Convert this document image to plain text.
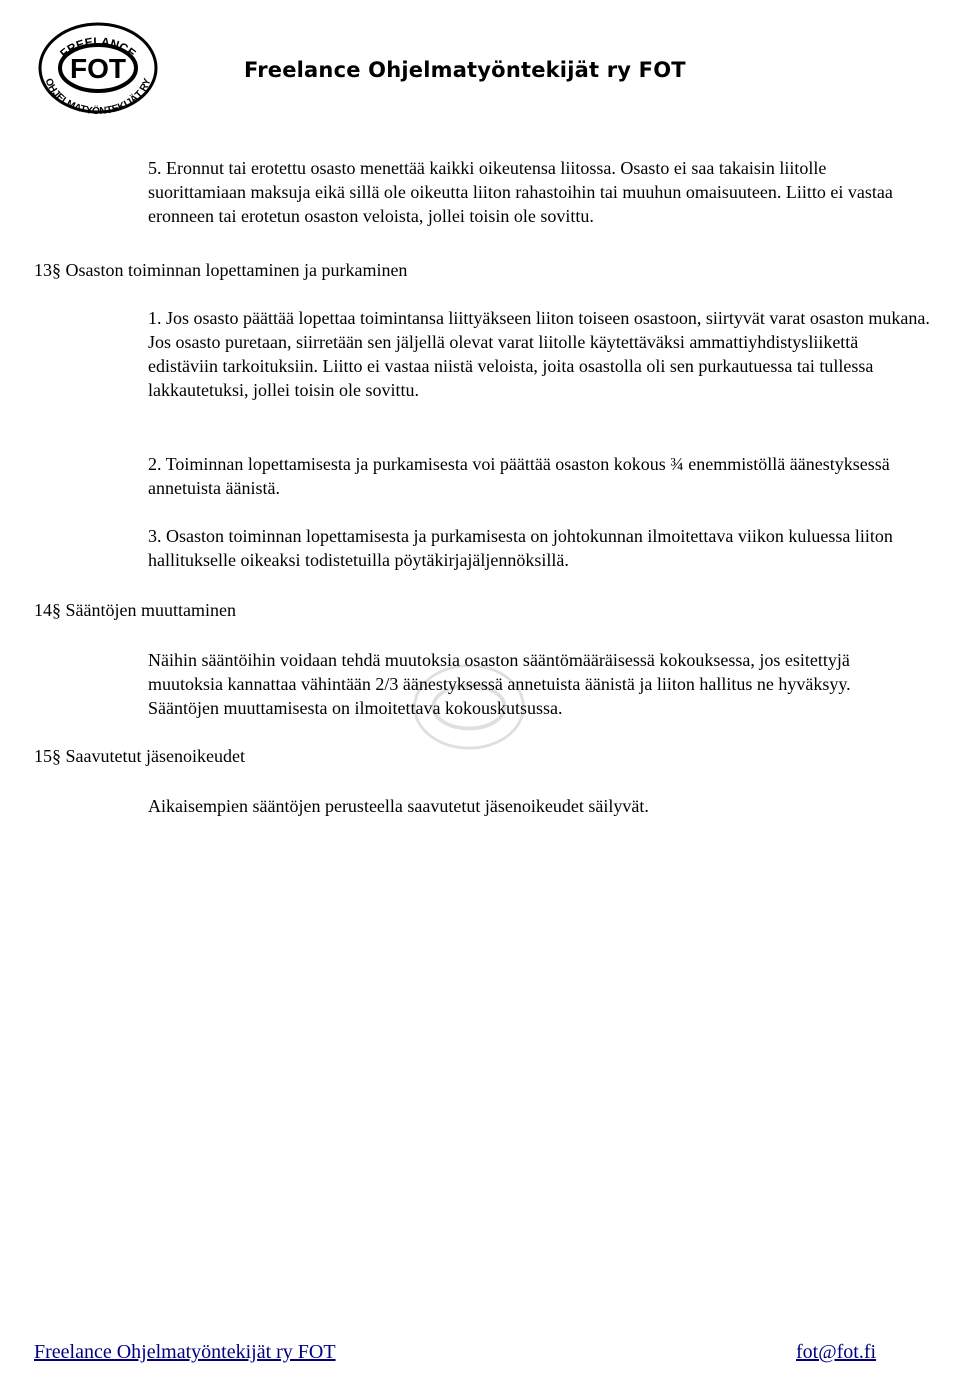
FREELANCE
FOT
OHJELMATYÖNTEKIJÄT RY
Freelance Ohjelmatyöntekijät ry FOT

5. Eronnut tai erotettu osasto menettää kaikki oikeutensa liitossa. Osasto ei saa takaisin liitolle suorittamiaan maksuja eikä sillä ole oikeutta liiton rahastoihin tai muuhun omaisuuteen. Liitto ei vastaa eronneen tai erotetun osaston veloista, jollei toisin ole sovittu.

13§ Osaston toiminnan lopettaminen ja purkaminen

1. Jos osasto päättää lopettaa toimintansa liittyäkseen liiton toiseen osastoon, siirtyvät varat osaston mukana. Jos osasto puretaan, siirretään sen jäljellä olevat varat liitolle käytettäväksi ammattiyhdistysliikettä edistäviin tarkoituksiin. Liitto ei vastaa niistä veloista, joita osastolla oli sen purkautuessa tai tullessa lakkautetuksi, jollei toisin ole sovittu.

2. Toiminnan lopettamisesta ja purkamisesta voi päättää osaston kokous ¾ enemmistöllä äänestyksessä annetuista äänistä.

3. Osaston toiminnan lopettamisesta ja purkamisesta on johtokunnan ilmoitettava viikon kuluessa liiton hallitukselle oikeaksi todistetuilla pöytäkirjajäljennöksillä.

14§ Sääntöjen muuttaminen

Näihin sääntöihin voidaan tehdä muutoksia osaston sääntömääräisessä kokouksessa, jos esitettyjä muutoksia kannattaa vähintään 2/3 äänestyksessä annetuista äänistä ja liiton hallitus ne hyväksyy. Sääntöjen muuttamisesta on ilmoitettava kokouskutsussa.

15§ Saavutetut jäsenoikeudet

Aikaisempien sääntöjen perusteella saavutetut jäsenoikeudet säilyvät.

Freelance Ohjelmatyöntekijät ry FOT	fot@fot.fi
